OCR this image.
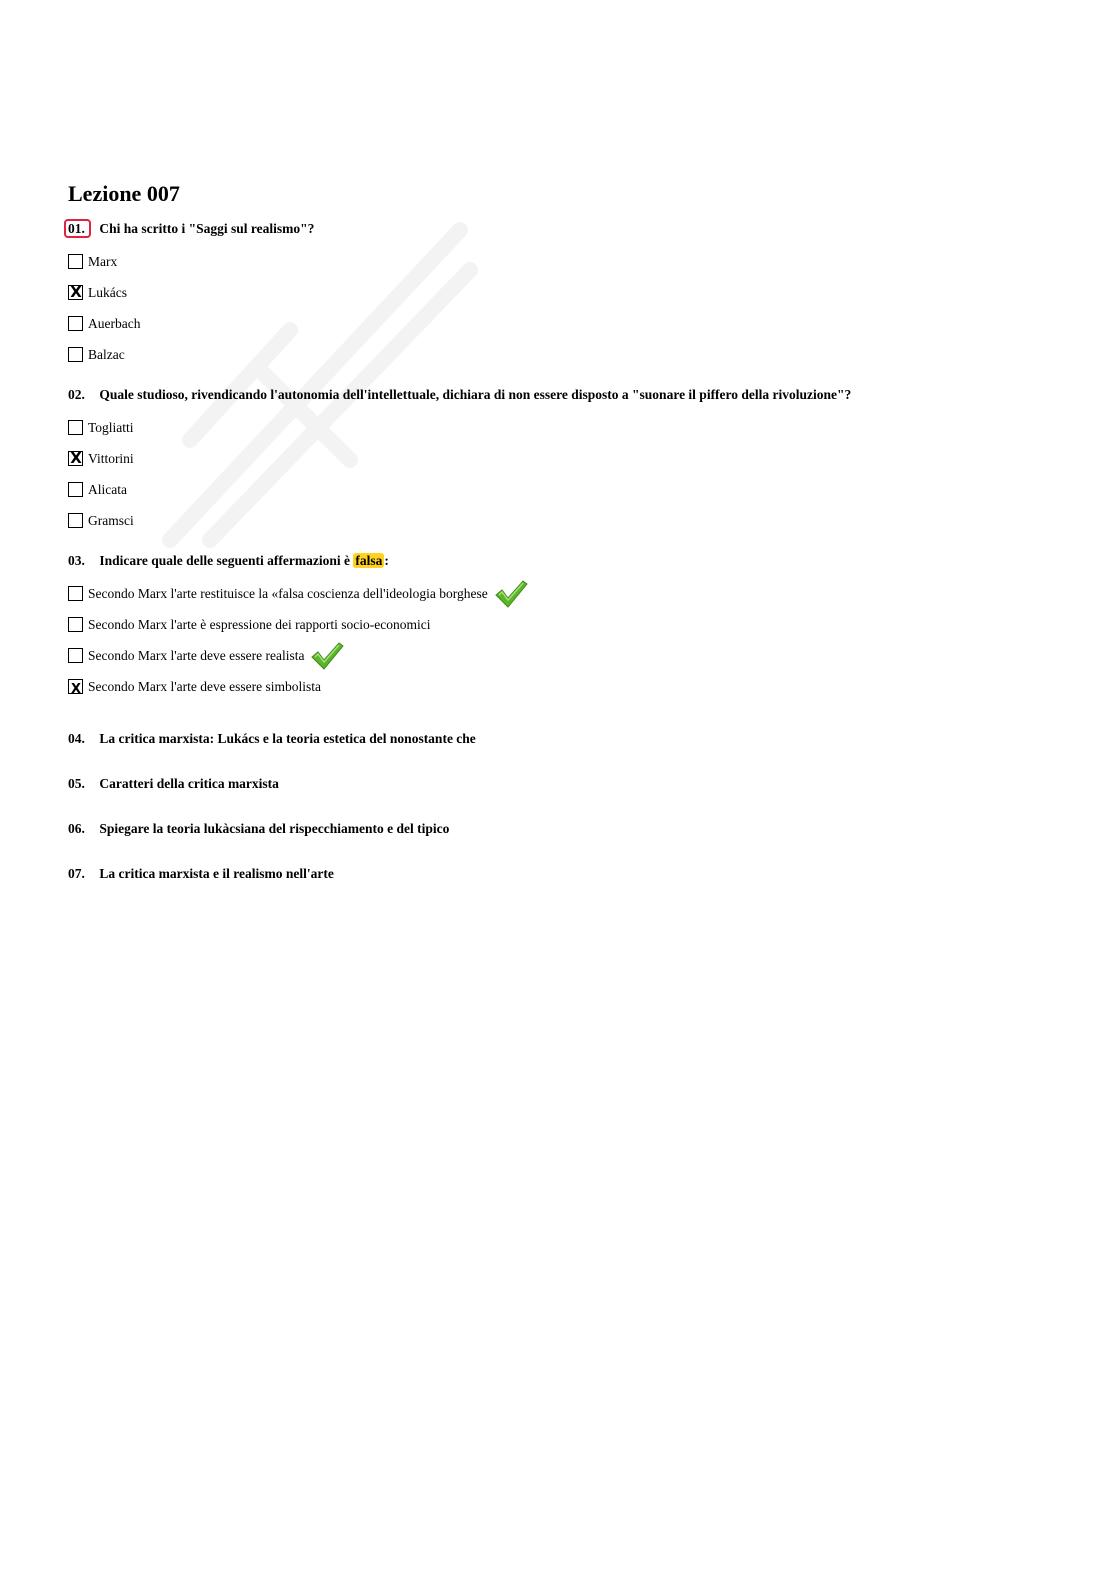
Lezione 007
01. Chi ha scritto i "Saggi sul realismo"?
Marx
X Lukács
Auerbach
Balzac
02. Quale studioso, rivendicando l'autonomia dell'intellettuale, dichiara di non essere disposto a "suonare il piffero della rivoluzione"?
Togliatti
X Vittorini
Alicata
Gramsci
03. Indicare quale delle seguenti affermazioni è falsa :
Secondo Marx l'arte restituisce la «falsa coscienza dell'ideologia borghese
Secondo Marx l'arte è espressione dei rapporti socio-economici
Secondo Marx l'arte deve essere realista
X Secondo Marx l'arte deve essere simbolista
04. La critica marxista: Lukács e la teoria estetica del nonostante che
05. Caratteri della critica marxista
06. Spiegare la teoria lukàcsiana del rispecchiamento e del tipico
07. La critica marxista e il realismo nell'arte
